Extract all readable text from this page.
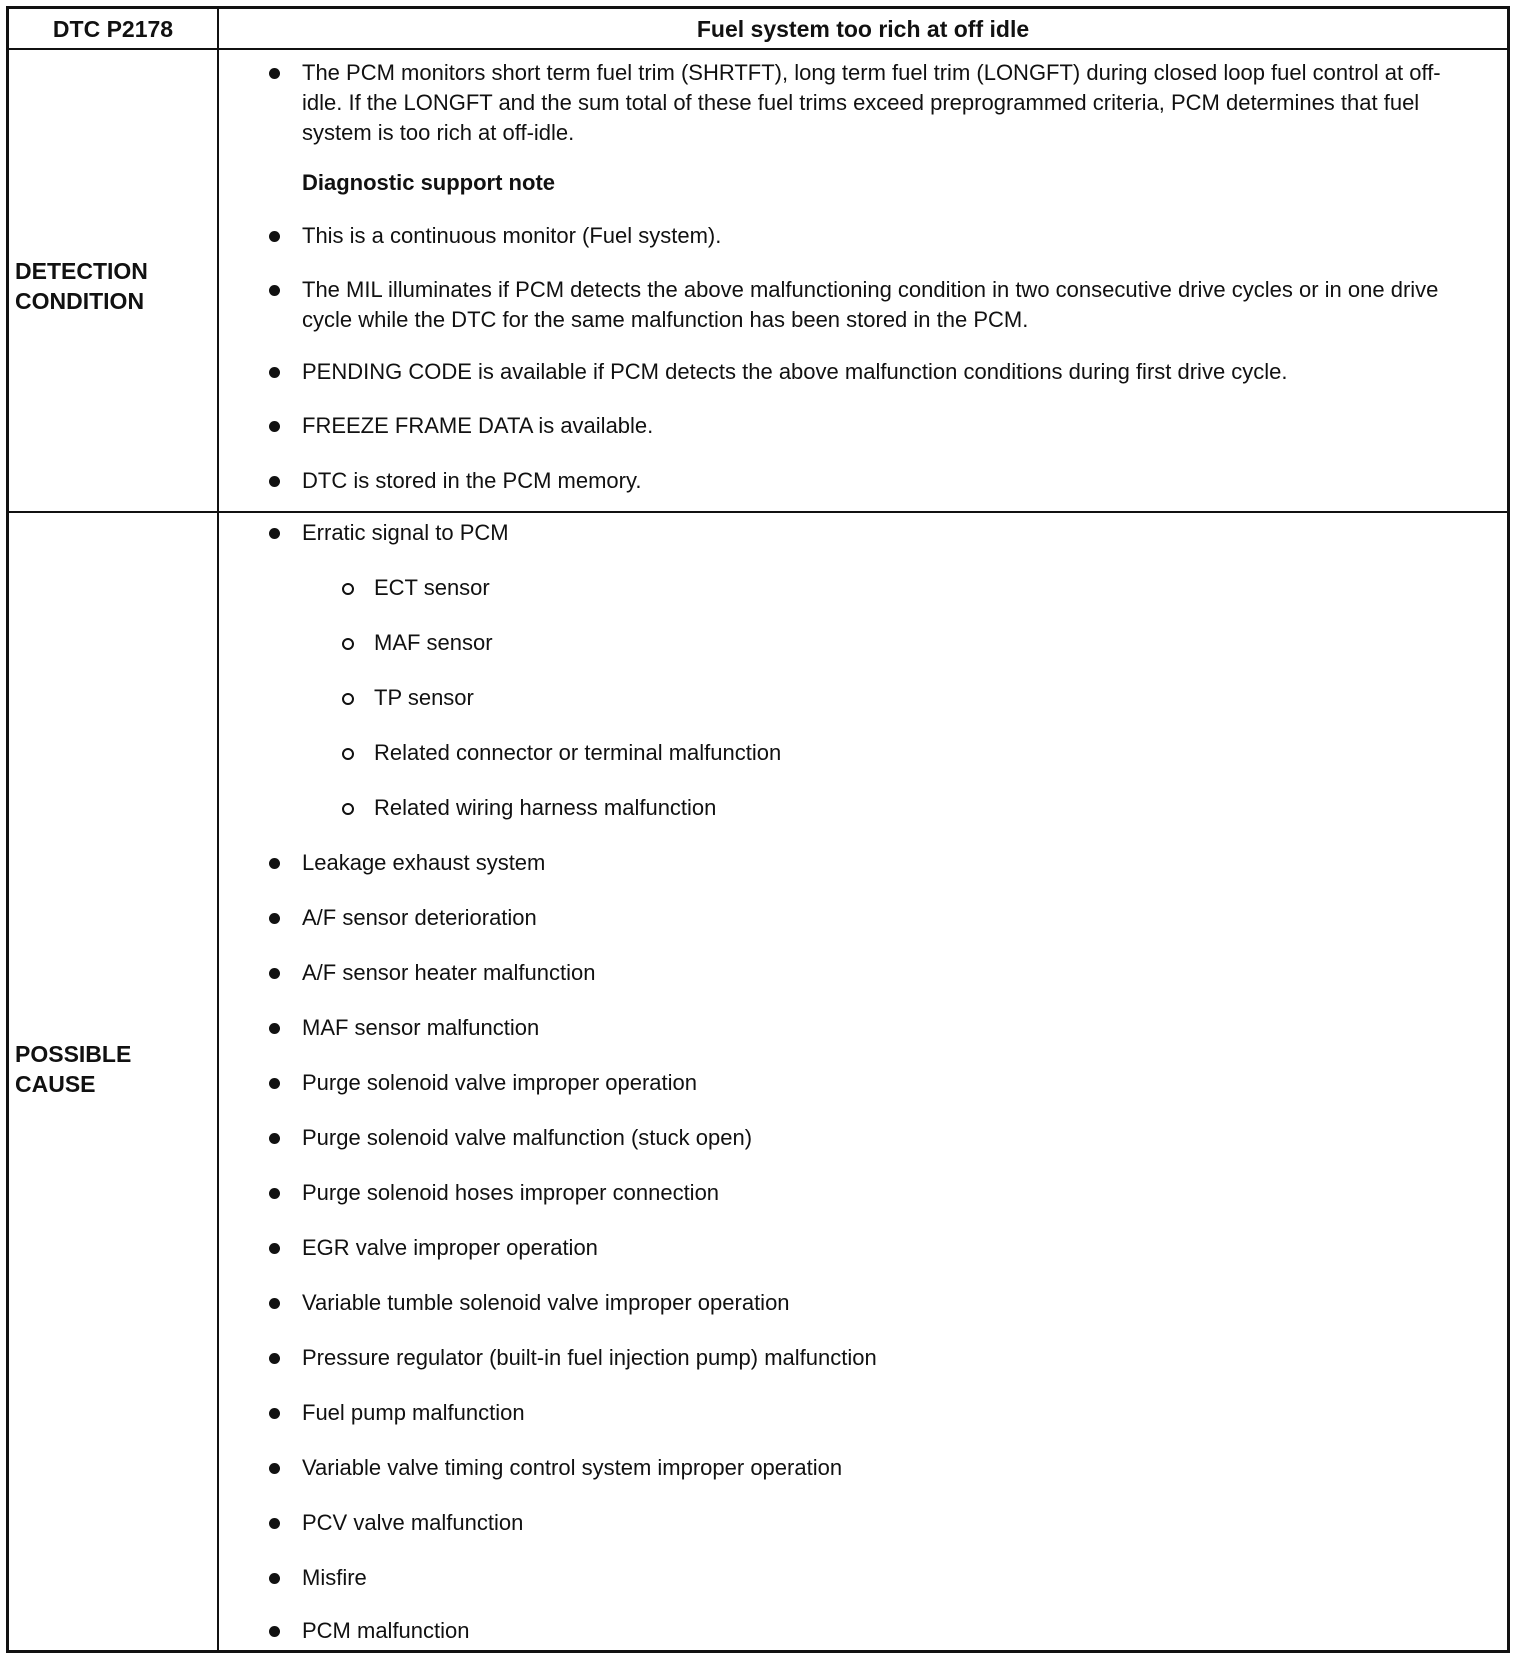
DTC P2178	Fuel system too rich at off idle
DETECTION
CONDITION
The PCM monitors short term fuel trim (SHRTFT), long term fuel trim (LONGFT) during closed loop fuel control at off-idle. If the LONGFT and the sum total of these fuel trims exceed preprogrammed criteria, PCM determines that fuel system is too rich at off-idle.
Diagnostic support note
This is a continuous monitor (Fuel system).
The MIL illuminates if PCM detects the above malfunctioning condition in two consecutive drive cycles or in one drive cycle while the DTC for the same malfunction has been stored in the PCM.
PENDING CODE is available if PCM detects the above malfunction conditions during first drive cycle.
FREEZE FRAME DATA is available.
DTC is stored in the PCM memory.
POSSIBLE
CAUSE
Erratic signal to PCM
ECT sensor
MAF sensor
TP sensor
Related connector or terminal malfunction
Related wiring harness malfunction
Leakage exhaust system
A/F sensor deterioration
A/F sensor heater malfunction
MAF sensor malfunction
Purge solenoid valve improper operation
Purge solenoid valve malfunction (stuck open)
Purge solenoid hoses improper connection
EGR valve improper operation
Variable tumble solenoid valve improper operation
Pressure regulator (built-in fuel injection pump) malfunction
Fuel pump malfunction
Variable valve timing control system improper operation
PCV valve malfunction
Misfire
PCM malfunction
